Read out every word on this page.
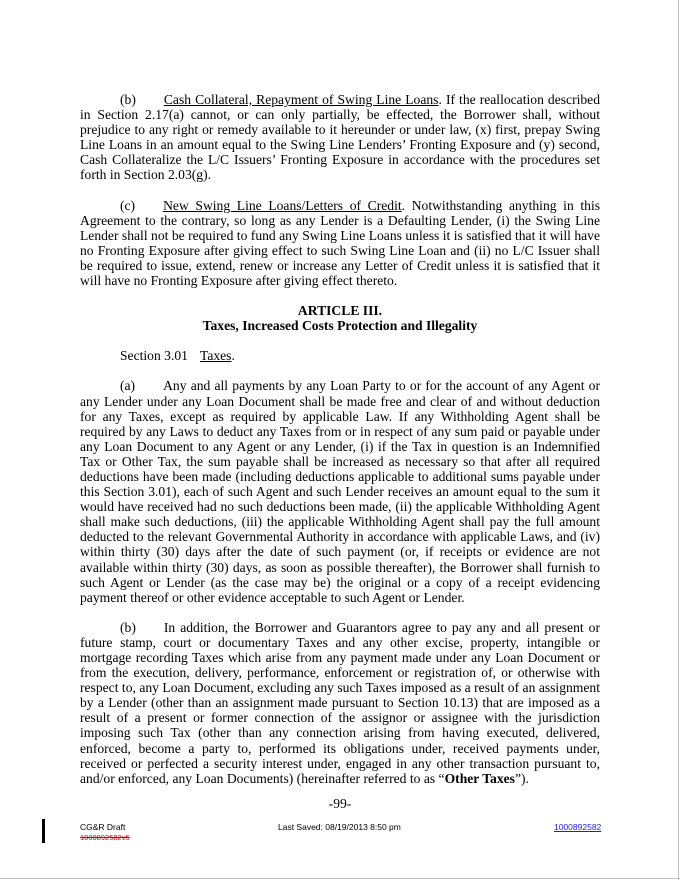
(b) Cash Collateral, Repayment of Swing Line Loans. If the reallocation described in Section 2.17(a) cannot, or can only partially, be effected, the Borrower shall, without prejudice to any right or remedy available to it hereunder or under law, (x) first, prepay Swing Line Loans in an amount equal to the Swing Line Lenders’ Fronting Exposure and (y) second, Cash Collateralize the L/C Issuers’ Fronting Exposure in accordance with the procedures set forth in Section 2.03(g).

(c) New Swing Line Loans/Letters of Credit. Notwithstanding anything in this Agreement to the contrary, so long as any Lender is a Defaulting Lender, (i) the Swing Line Lender shall not be required to fund any Swing Line Loans unless it is satisfied that it will have no Fronting Exposure after giving effect to such Swing Line Loan and (ii) no L/C Issuer shall be required to issue, extend, renew or increase any Letter of Credit unless it is satisfied that it will have no Fronting Exposure after giving effect thereto.

ARTICLE III.

Taxes, Increased Costs Protection and Illegality

Section 3.01 Taxes.

(a) Any and all payments by any Loan Party to or for the account of any Agent or any Lender under any Loan Document shall be made free and clear of and without deduction for any Taxes, except as required by applicable Law. If any Withholding Agent shall be required by any Laws to deduct any Taxes from or in respect of any sum paid or payable under any Loan Document to any Agent or any Lender, (i) if the Tax in question is an Indemnified Tax or Other Tax, the sum payable shall be increased as necessary so that after all required deductions have been made (including deductions applicable to additional sums payable under this Section 3.01), each of such Agent and such Lender receives an amount equal to the sum it would have received had no such deductions been made, (ii) the applicable Withholding Agent shall make such deductions, (iii) the applicable Withholding Agent shall pay the full amount deducted to the relevant Governmental Authority in accordance with applicable Laws, and (iv) within thirty (30) days after the date of such payment (or, if receipts or evidence are not available within thirty (30) days, as soon as possible thereafter), the Borrower shall furnish to such Agent or Lender (as the case may be) the original or a copy of a receipt evidencing payment thereof or other evidence acceptable to such Agent or Lender.

(b) In addition, the Borrower and Guarantors agree to pay any and all present or future stamp, court or documentary Taxes and any other excise, property, intangible or mortgage recording Taxes which arise from any payment made under any Loan Document or from the execution, delivery, performance, enforcement or registration of, or otherwise with respect to, any Loan Document, excluding any such Taxes imposed as a result of an assignment by a Lender (other than an assignment made pursuant to Section 10.13) that are imposed as a result of a present or former connection of the assignor or assignee with the jurisdiction imposing such Tax (other than any connection arising from having executed, delivered, enforced, become a party to, performed its obligations under, received payments under, received or perfected a security interest under, engaged in any other transaction pursuant to, and/or enforced, any Loan Documents) (hereinafter referred to as “Other Taxes”).

-99-
CG&R Draft
1000892582v5
Last Saved: 08/19/2013 8:50 pm	1000892582
